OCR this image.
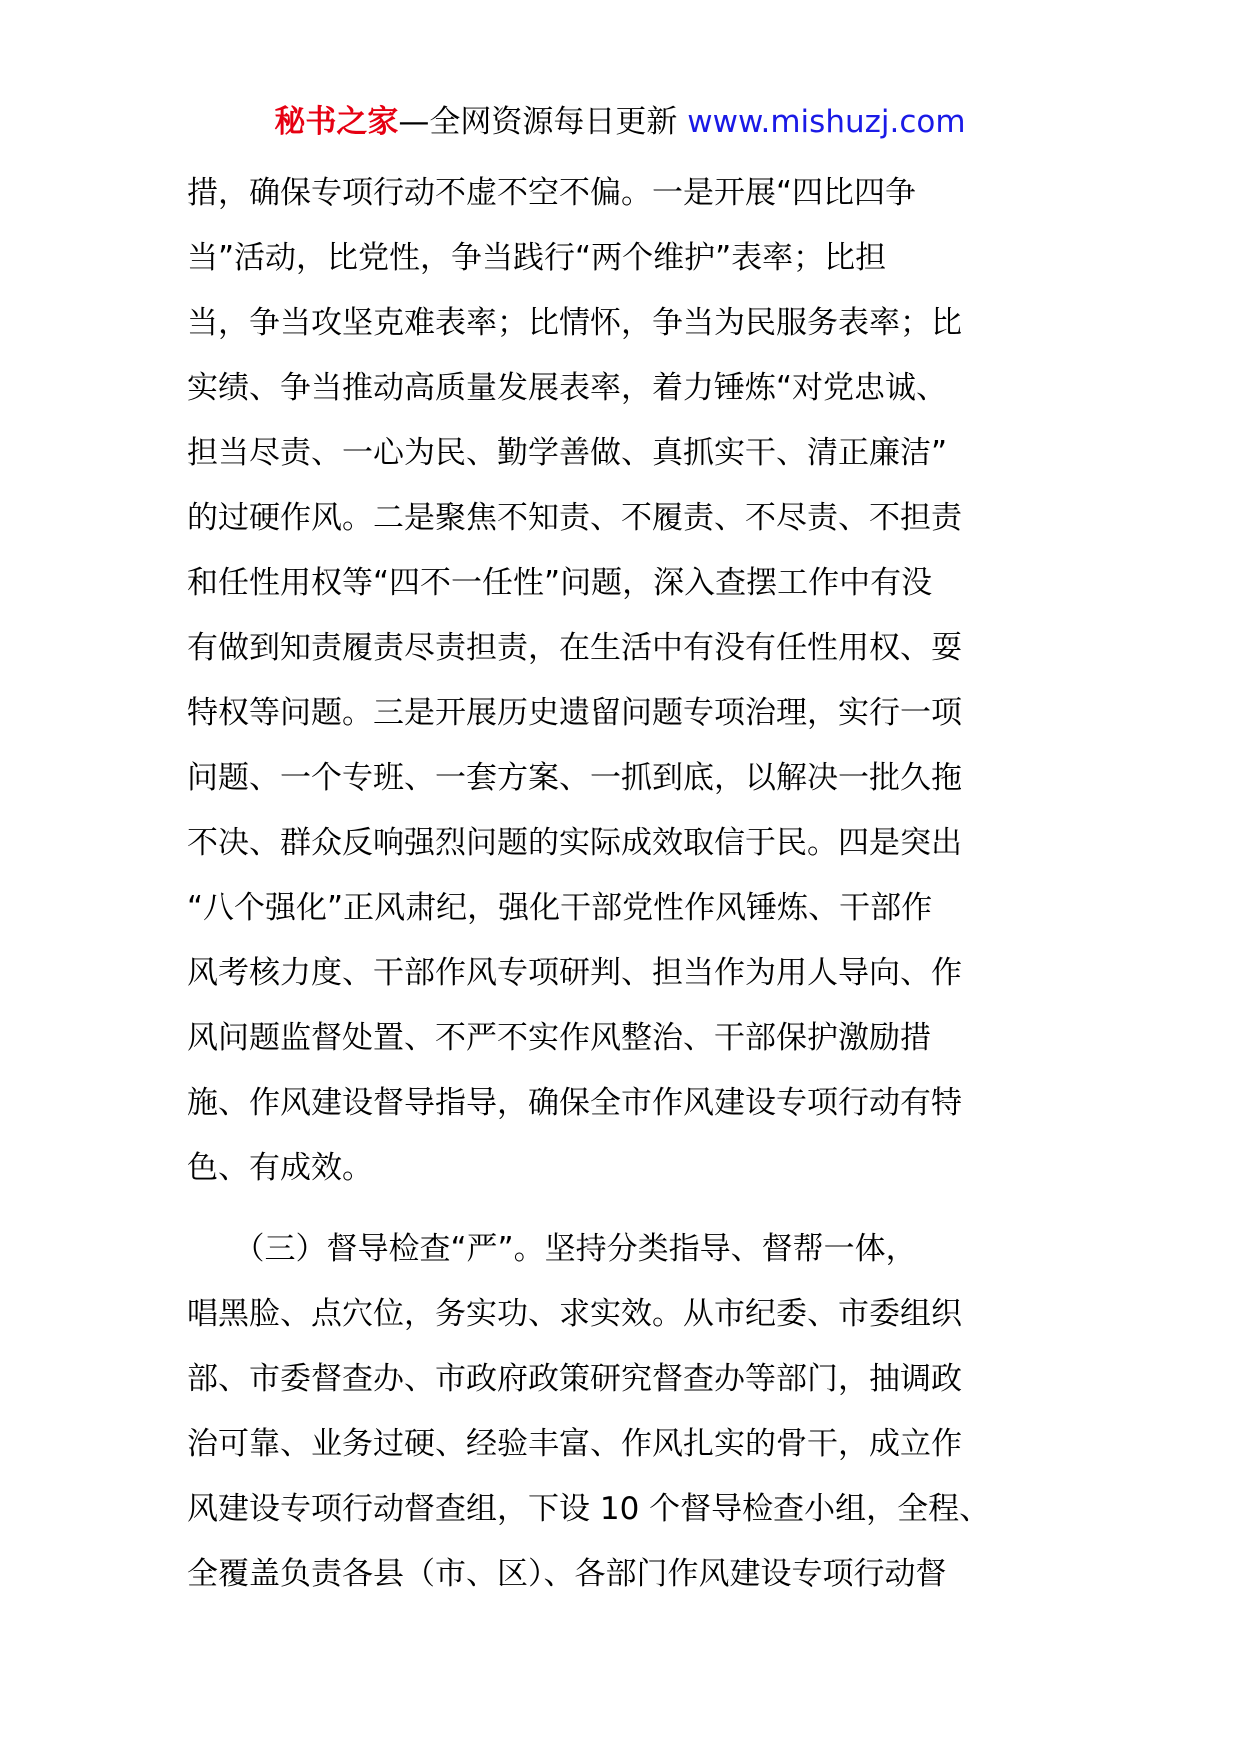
秘书之家—全网资源每日更新 www.mishuzj.com
措，确保专项行动不虚不空不偏。一是开展“四比四争
当”活动，比党性，争当践行“两个维护”表率；比担
当，争当攻坚克难表率；比情怀，争当为民服务表率；比
实绩、争当推动高质量发展表率，着力锤炼“对党忠诚、
担当尽责、一心为民、勤学善做、真抓实干、清正廉洁”
的过硬作风。二是聚焦不知责、不履责、不尽责、不担责
和任性用权等“四不一任性”问题，深入查摆工作中有没
有做到知责履责尽责担责，在生活中有没有任性用权、耍
特权等问题。三是开展历史遗留问题专项治理，实行一项
问题、一个专班、一套方案、一抓到底，以解决一批久拖
不决、群众反响强烈问题的实际成效取信于民。四是突出
“八个强化”正风肃纪，强化干部党性作风锤炼、干部作
风考核力度、干部作风专项研判、担当作为用人导向、作
风问题监督处置、不严不实作风整治、干部保护激励措
施、作风建设督导指导，确保全市作风建设专项行动有特
色、有成效。
　　（三）督导检查“严”。坚持分类指导、督帮一体，
唱黑脸、点穴位，务实功、求实效。从市纪委、市委组织
部、市委督查办、市政府政策研究督查办等部门，抽调政
治可靠、业务过硬、经验丰富、作风扎实的骨干，成立作
风建设专项行动督查组，下设 10 个督导检查小组，全程、
全覆盖负责各县（市、区）、各部门作风建设专项行动督
